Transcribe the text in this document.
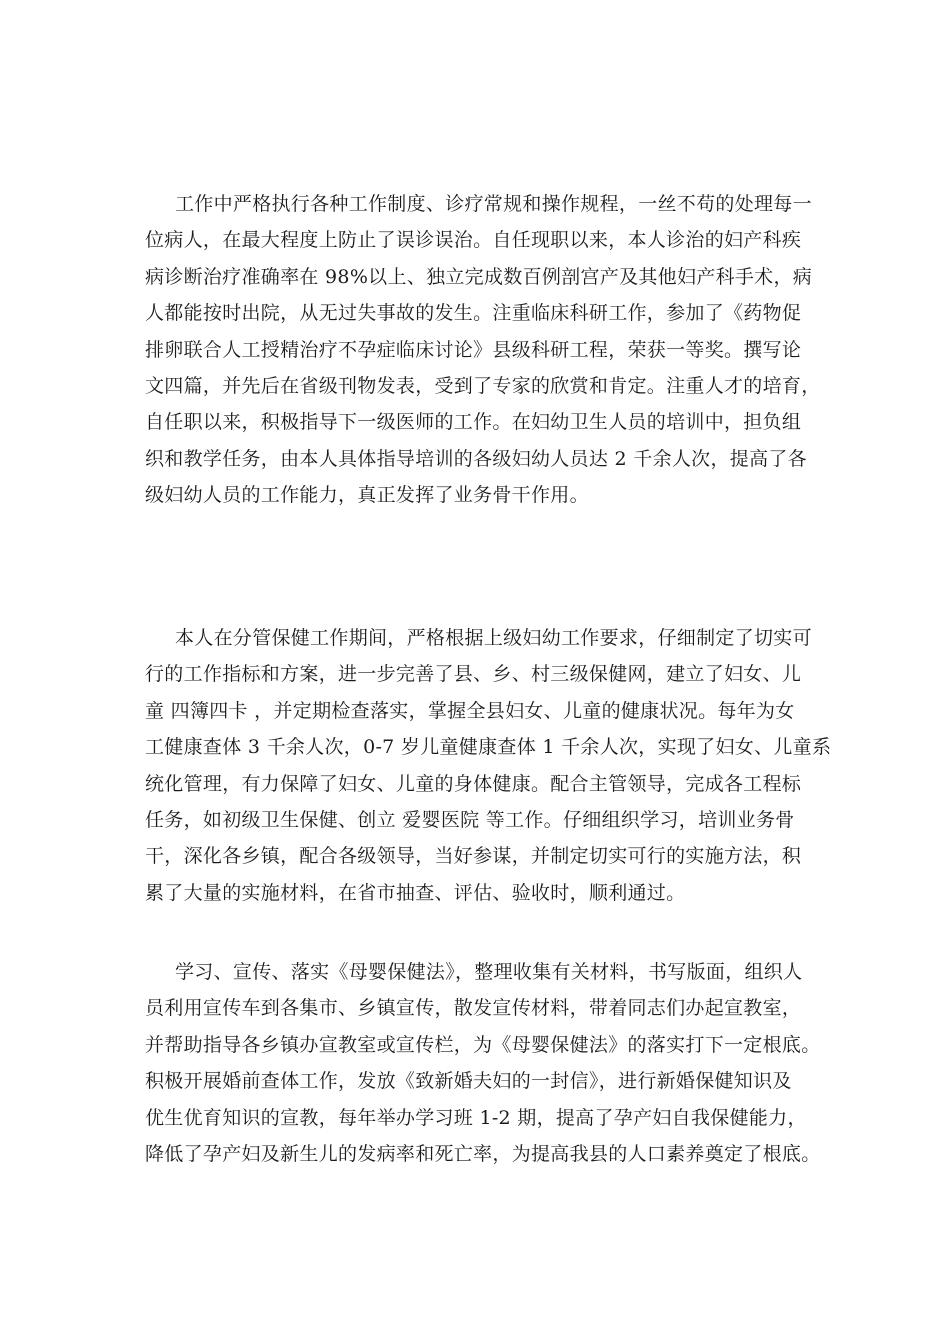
工作中严格执行各种工作制度、诊疗常规和操作规程，一丝不苟的处理每一
位病人，在最大程度上防止了误诊误治。自任现职以来，本人诊治的妇产科疾
病诊断治疗准确率在 98%以上、独立完成数百例剖宫产及其他妇产科手术，病
人都能按时出院，从无过失事故的发生。注重临床科研工作，参加了《药物促
排卵联合人工授精治疗不孕症临床讨论》县级科研工程，荣获一等奖。撰写论
文四篇，并先后在省级刊物发表，受到了专家的欣赏和肯定。注重人才的培育，
自任职以来，积极指导下一级医师的工作。在妇幼卫生人员的培训中，担负组
织和教学任务，由本人具体指导培训的各级妇幼人员达 2 千余人次，提高了各
级妇幼人员的工作能力，真正发挥了业务骨干作用。
本人在分管保健工作期间，严格根据上级妇幼工作要求，仔细制定了切实可
行的工作指标和方案，进一步完善了县、乡、村三级保健网，建立了妇女、儿
童 四簿四卡 ，并定期检查落实，掌握全县妇女、儿童的健康状况。每年为女
工健康查体 3 千余人次，0-7 岁儿童健康查体 1 千余人次，实现了妇女、儿童系
统化管理，有力保障了妇女、儿童的身体健康。配合主管领导，完成各工程标
任务，如初级卫生保健、创立 爱婴医院 等工作。仔细组织学习，培训业务骨
干，深化各乡镇，配合各级领导，当好参谋，并制定切实可行的实施方法，积
累了大量的实施材料，在省市抽查、评估、验收时，顺利通过。
学习、宣传、落实《母婴保健法》，整理收集有关材料，书写版面，组织人
员利用宣传车到各集市、乡镇宣传，散发宣传材料，带着同志们办起宣教室，
并帮助指导各乡镇办宣教室或宣传栏，为《母婴保健法》的落实打下一定根底。
积极开展婚前查体工作，发放《致新婚夫妇的一封信》，进行新婚保健知识及
优生优育知识的宣教，每年举办学习班 1-2 期，提高了孕产妇自我保健能力，
降低了孕产妇及新生儿的发病率和死亡率，为提高我县的人口素养奠定了根底。
